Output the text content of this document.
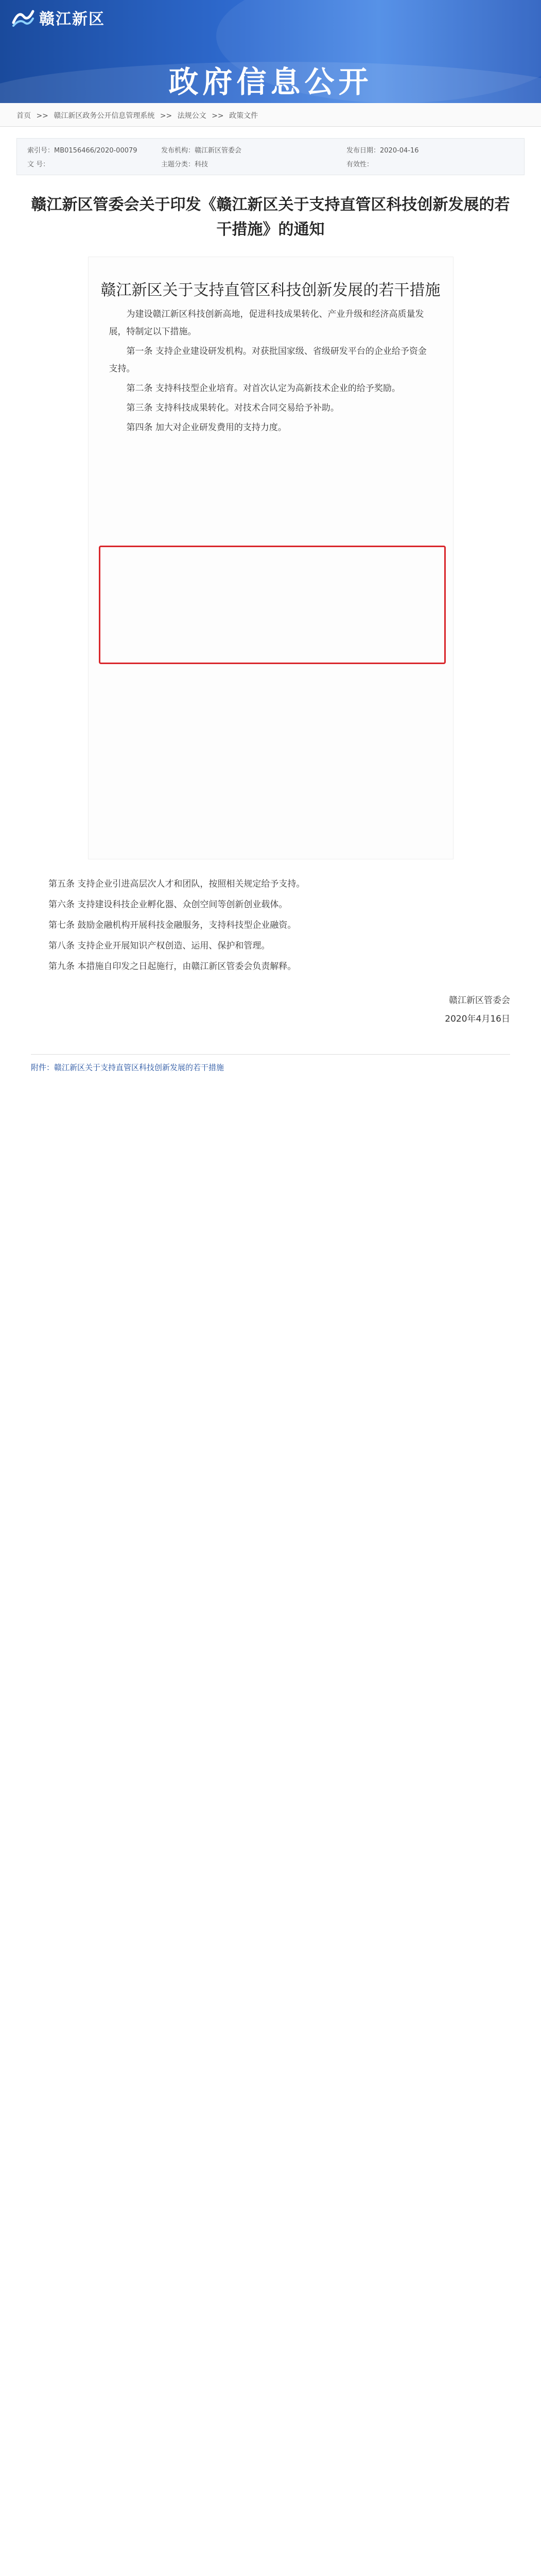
赣江新区
政府信息公开
首页 >> 赣江新区政务公开信息管理系统 >> 法规公文 >> 政策文件
索引号：MB0156466/2020-00079	发布机构：赣江新区管委会	发布日期：2020-04-16
文 号：	主题分类：科技	有效性：
赣江新区管委会关于印发《赣江新区关于支持直管区科技创新发展的若干措施》的通知
赣江新区关于支持直管区科技创新发展的若干措施

为建设赣江新区科技创新高地，促进科技成果转化、产业升级和经济高质量发展，特制定以下措施。

第一条 支持企业建设研发机构。对获批国家级、省级研发平台的企业给予资金支持。

第二条 支持科技型企业培育。对首次认定为高新技术企业的给予奖励。

第三条 支持科技成果转化。对技术合同交易给予补助。

第四条 加大对企业研发费用的支持力度。

第五条 支持企业引进高层次人才和团队，按照相关规定给予支持。

第六条 支持建设科技企业孵化器、众创空间等创新创业载体。

第七条 鼓励金融机构开展科技金融服务，支持科技型企业融资。

第八条 支持企业开展知识产权创造、运用、保护和管理。

第九条 本措施自印发之日起施行，由赣江新区管委会负责解释。

赣江新区管委会
2020年4月16日
附件：赣江新区关于支持直管区科技创新发展的若干措施
